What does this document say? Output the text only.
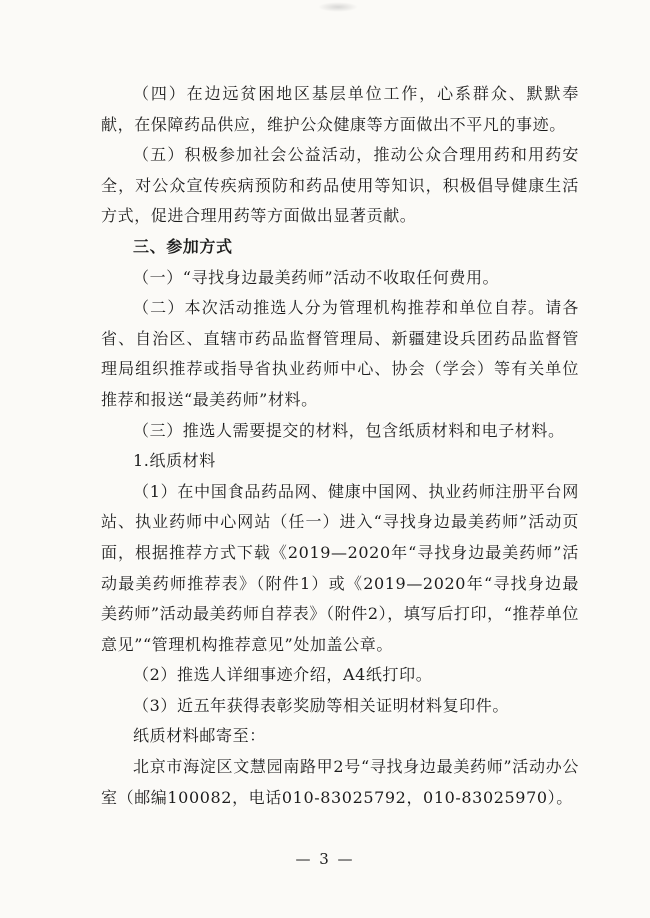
（四）在边远贫困地区基层单位工作，心系群众、默默奉献，在保障药品供应，维护公众健康等方面做出不平凡的事迹。

（五）积极参加社会公益活动，推动公众合理用药和用药安全，对公众宣传疾病预防和药品使用等知识，积极倡导健康生活方式，促进合理用药等方面做出显著贡献。

三、参加方式

（一）“寻找身边最美药师”活动不收取任何费用。

（二）本次活动推选人分为管理机构推荐和单位自荐。请各省、自治区、直辖市药品监督管理局、新疆建设兵团药品监督管理局组织推荐或指导省执业药师中心、协会（学会）等有关单位推荐和报送“最美药师”材料。

（三）推选人需要提交的材料，包含纸质材料和电子材料。

1.纸质材料

（1）在中国食品药品网、健康中国网、执业药师注册平台网站、执业药师中心网站（任一）进入“寻找身边最美药师”活动页面，根据推荐方式下载《2019—2020年“寻找身边最美药师”活动最美药师推荐表》（附件1）或《2019—2020年“寻找身边最美药师”活动最美药师自荐表》（附件2），填写后打印，“推荐单位意见”“管理机构推荐意见”处加盖公章。

（2）推选人详细事迹介绍，A4纸打印。

（3）近五年获得表彰奖励等相关证明材料复印件。

纸质材料邮寄至：

北京市海淀区文慧园南路甲2号“寻找身边最美药师”活动办公室（邮编100082，电话010-83025792，010-83025970）。

— 3 —
